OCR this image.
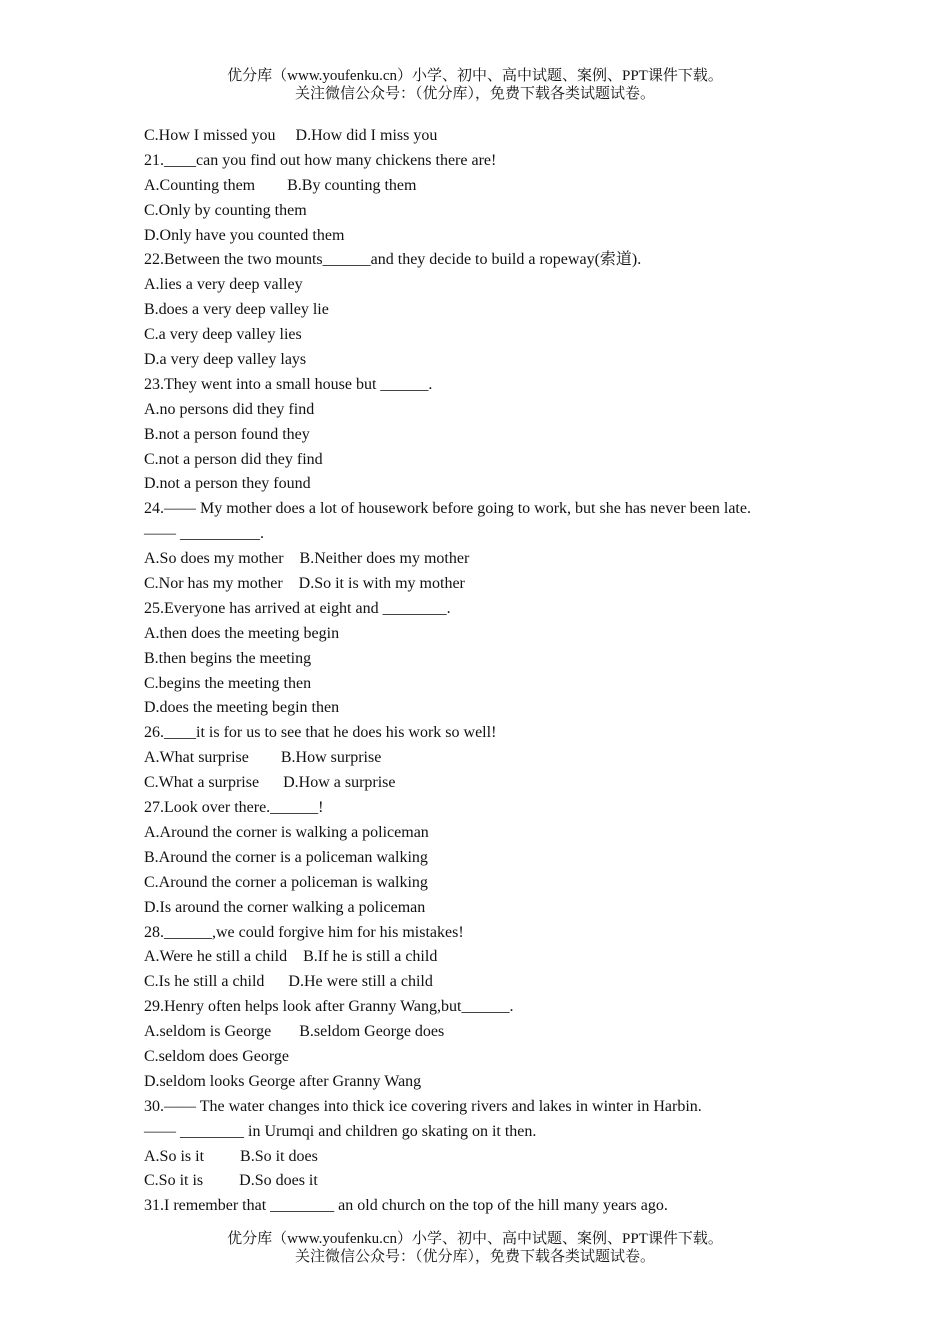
优分库（www.youfenku.cn）小学、初中、高中试题、案例、PPT课件下载。
关注微信公众号：（优分库），免费下载各类试题试卷。
C.How I missed you     D.How did I miss you
21.____can you find out how many chickens there are!
A.Counting them        B.By counting them
C.Only by counting them
D.Only have you counted them
22.Between the two mounts______and they decide to build a ropeway(索道).
A.lies a very deep valley
B.does a very deep valley lie
C.a very deep valley lies
D.a very deep valley lays
23.They went into a small house but ______.
A.no persons did they find
B.not a person found they
C.not a person did they find
D.not a person they found
24.—— My mother does a lot of housework before going to work, but she has never been late.
—— __________.
A.So does my mother    B.Neither does my mother
C.Nor has my mother    D.So it is with my mother
25.Everyone has arrived at eight and ________.
A.then does the meeting begin
B.then begins the meeting
C.begins the meeting then
D.does the meeting begin then
26.____it is for us to see that he does his work so well!
A.What surprise        B.How surprise
C.What a surprise      D.How a surprise
27.Look over there.______!
A.Around the corner is walking a policeman
B.Around the corner is a policeman walking
C.Around the corner a policeman is walking
D.Is around the corner walking a policeman
28.______,we could forgive him for his mistakes!
A.Were he still a child    B.If he is still a child
C.Is he still a child      D.He were still a child
29.Henry often helps look after Granny Wang,but______.
A.seldom is George       B.seldom George does
C.seldom does George
D.seldom looks George after Granny Wang
30.—— The water changes into thick ice covering rivers and lakes in winter in Harbin.
—— ________ in Urumqi and children go skating on it then.
A.So is it         B.So it does
C.So it is         D.So does it
31.I remember that ________ an old church on the top of the hill many years ago.
优分库（www.youfenku.cn）小学、初中、高中试题、案例、PPT课件下载。
关注微信公众号：（优分库），免费下载各类试题试卷。
